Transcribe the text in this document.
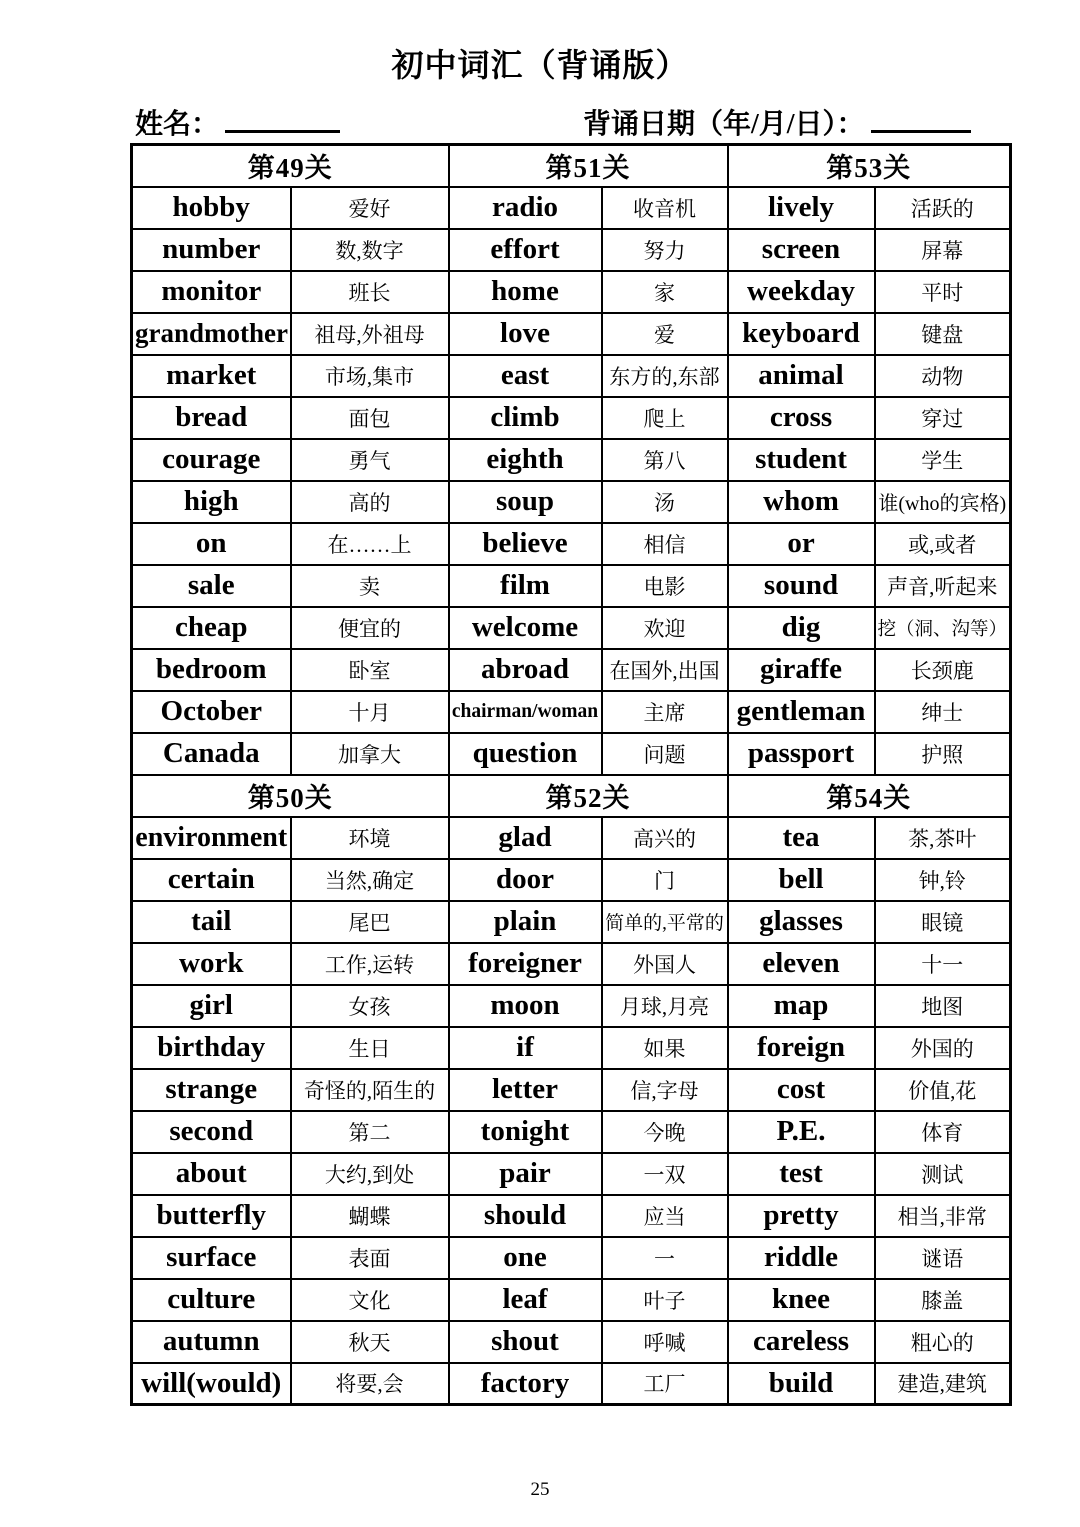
初中词汇（背诵版）
姓名：	背诵日期（年/月/日）：
第49关		第51关		第53关	

hobby	爱好	radio	收音机	lively	活跃的

number	数,数字	effort	努力	screen	屏幕

monitor	班长	home	家	weekday	平时

grandmother	祖母,外祖母	love	爱	keyboard	键盘

market	市场,集市	east	东方的,东部	animal	动物

bread	面包	climb	爬上	cross	穿过

courage	勇气	eighth	第八	student	学生

high	高的	soup	汤	whom	谁(who的宾格)

on	在……上	believe	相信	or	或,或者

sale	卖	film	电影	sound	声音,听起来

cheap	便宜的	welcome	欢迎	dig	挖（洞、沟等）

bedroom	卧室	abroad	在国外,出国	giraffe	长颈鹿

October	十月	chairman/woman	主席	gentleman	绅士

Canada	加拿大	question	问题	passport	护照

第50关		第52关		第54关	

environment	环境	glad	高兴的	tea	茶,茶叶

certain	当然,确定	door	门	bell	钟,铃

tail	尾巴	plain	简单的,平常的	glasses	眼镜

work	工作,运转	foreigner	外国人	eleven	十一

girl	女孩	moon	月球,月亮	map	地图

birthday	生日	if	如果	foreign	外国的

strange	奇怪的,陌生的	letter	信,字母	cost	价值,花

second	第二	tonight	今晚	P.E.	体育

about	大约,到处	pair	一双	test	测试

butterfly	蝴蝶	should	应当	pretty	相当,非常

surface	表面	one	一	riddle	谜语

culture	文化	leaf	叶子	knee	膝盖

autumn	秋天	shout	呼喊	careless	粗心的

will(would)	将要,会	factory	工厂	build	建造,建筑
25
